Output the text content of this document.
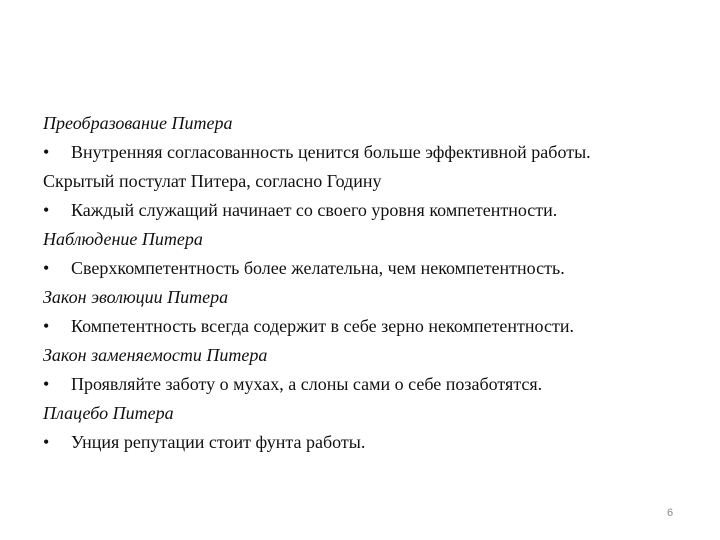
Преобразование Питера
•	Внутренняя согласованность ценится больше эффективной работы.
Скрытый постулат Питера, согласно Годину
•	Каждый служащий начинает со своего уровня компетентности.
Наблюдение Питера
•	Сверхкомпетентность более желательна, чем некомпетентность.
Закон эволюции Питера
•	Компетентность всегда содержит в себе зерно некомпетентности.
Закон заменяемости Питера
•	Проявляйте заботу о мухах, а слоны сами о себе позаботятся.
Плацебо Питера
•	Унция репутации стоит фунта работы.
6
